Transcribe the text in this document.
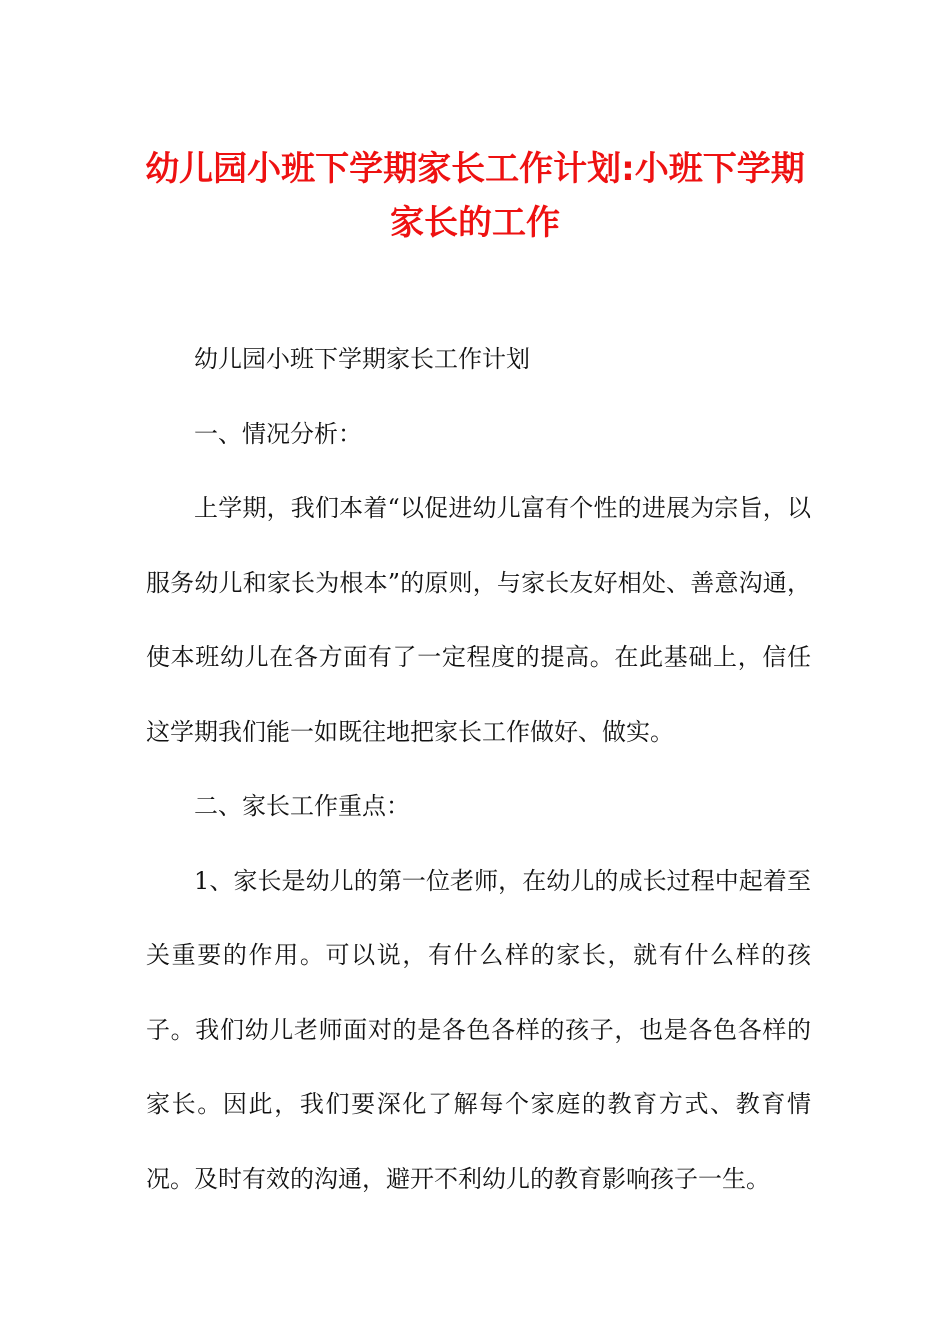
幼儿园小班下学期家长工作计划:小班下学期
家长的工作

幼儿园小班下学期家长工作计划

一、情况分析：

上学期，我们本着“以促进幼儿富有个性的进展为宗旨，以服务幼儿和家长为根本”的原则，与家长友好相处、善意沟通，使本班幼儿在各方面有了一定程度的提高。在此基础上，信任这学期我们能一如既往地把家长工作做好、做实。

二、家长工作重点：

1、家长是幼儿的第一位老师，在幼儿的成长过程中起着至关重要的作用。可以说，有什么样的家长，就有什么样的孩子。我们幼儿老师面对的是各色各样的孩子，也是各色各样的家长。因此，我们要深化了解每个家庭的教育方式、教育情况。及时有效的沟通，避开不利幼儿的教育影响孩子一生。
